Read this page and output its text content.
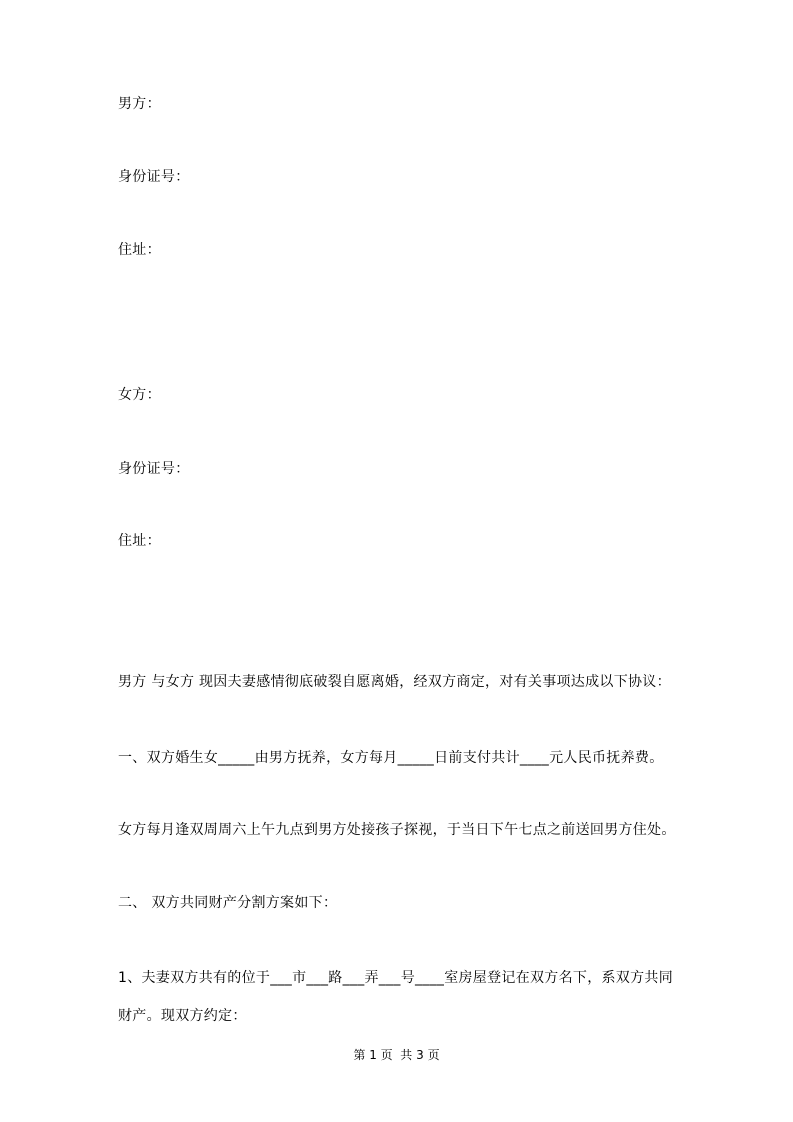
男方：

身份证号：

住址：

女方：

身份证号：

住址：

男方 与女方 现因夫妻感情彻底破裂自愿离婚，经双方商定，对有关事项达成以下协议：

一、双方婚生女_____由男方抚养，女方每月_____日前支付共计____元人民币抚养费。

女方每月逢双周周六上午九点到男方处接孩子探视，于当日下午七点之前送回男方住处。

二、 双方共同财产分割方案如下：

1、夫妻双方共有的位于___市___路___弄___号____室房屋登记在双方名下，系双方共同财产。现双方约定：

第 1 页  共 3 页
